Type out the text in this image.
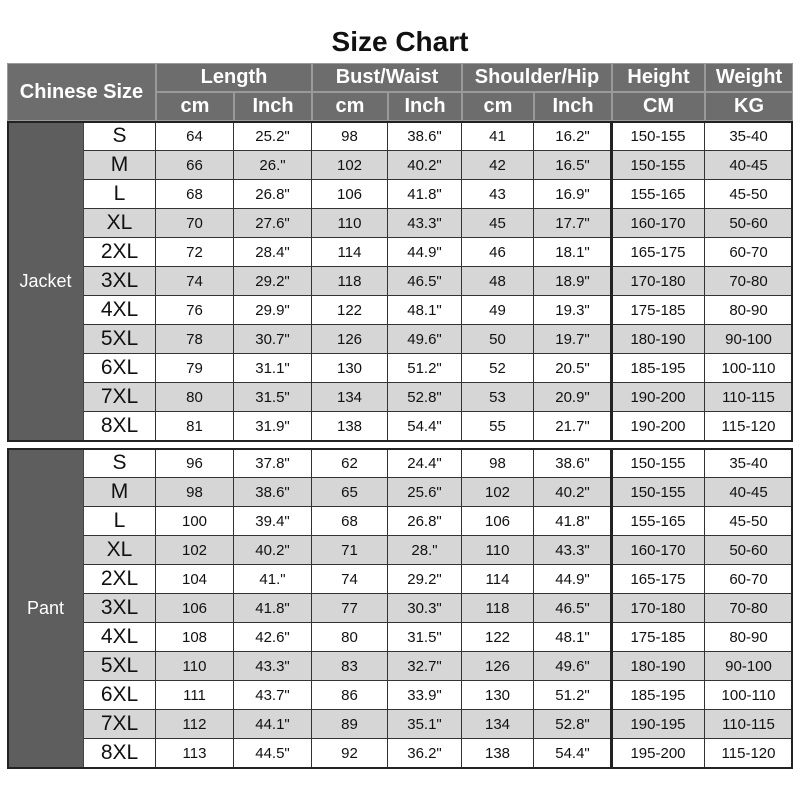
Size Chart
Chinese Size
Length	Bust/Waist	Shoulder/Hip	Height	Weight
cm	Inch	cm	Inch	cm	Inch	CM	KG
Jacket
S	64	25.2"	98	38.6"	41	16.2"	150-155	35-40
M	66	26."	102	40.2"	42	16.5"	150-155	40-45
L	68	26.8"	106	41.8"	43	16.9"	155-165	45-50
XL	70	27.6"	110	43.3"	45	17.7"	160-170	50-60
2XL	72	28.4"	114	44.9"	46	18.1"	165-175	60-70
3XL	74	29.2"	118	46.5"	48	18.9"	170-180	70-80
4XL	76	29.9"	122	48.1"	49	19.3"	175-185	80-90
5XL	78	30.7"	126	49.6"	50	19.7"	180-190	90-100
6XL	79	31.1"	130	51.2"	52	20.5"	185-195	100-110
7XL	80	31.5"	134	52.8"	53	20.9"	190-200	110-115
8XL	81	31.9"	138	54.4"	55	21.7"	190-200	115-120
Pant
S	96	37.8"	62	24.4"	98	38.6"	150-155	35-40
M	98	38.6"	65	25.6"	102	40.2"	150-155	40-45
L	100	39.4"	68	26.8"	106	41.8"	155-165	45-50
XL	102	40.2"	71	28."	110	43.3"	160-170	50-60
2XL	104	41."	74	29.2"	114	44.9"	165-175	60-70
3XL	106	41.8"	77	30.3"	118	46.5"	170-180	70-80
4XL	108	42.6"	80	31.5"	122	48.1"	175-185	80-90
5XL	110	43.3"	83	32.7"	126	49.6"	180-190	90-100
6XL	111	43.7"	86	33.9"	130	51.2"	185-195	100-110
7XL	112	44.1"	89	35.1"	134	52.8"	190-195	110-115
8XL	113	44.5"	92	36.2"	138	54.4"	195-200	115-120
